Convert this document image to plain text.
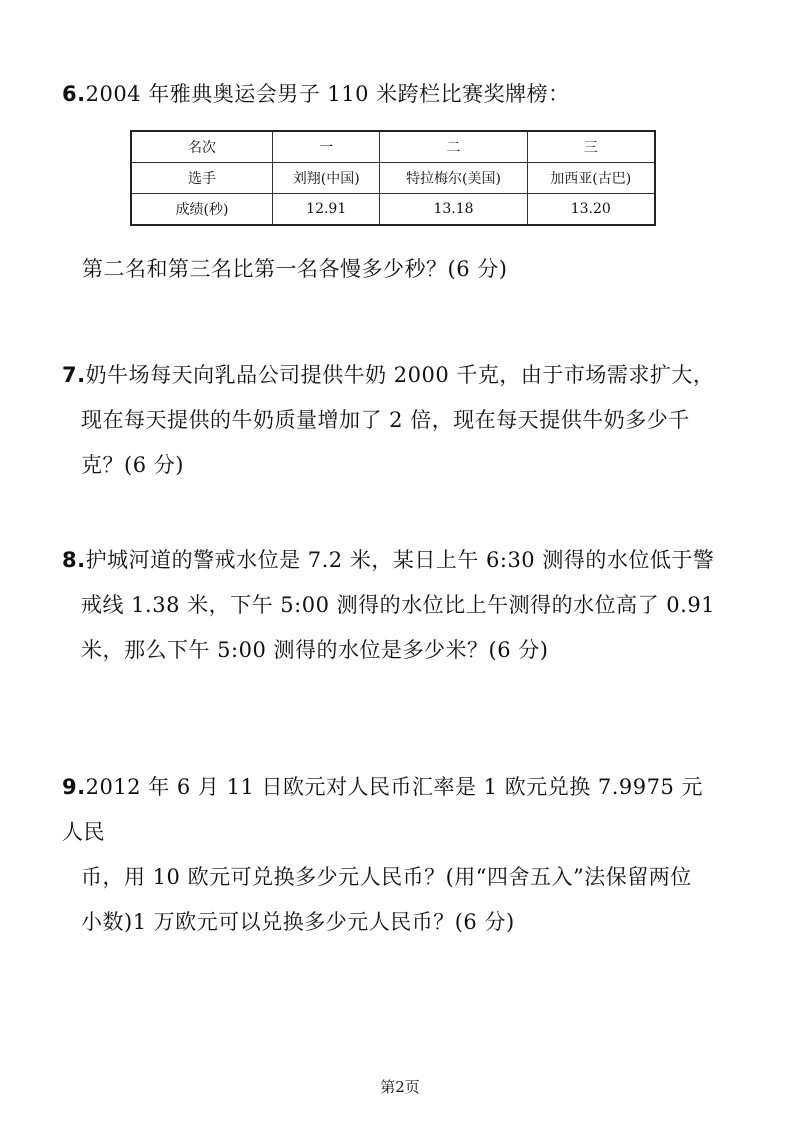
6.2004 年雅典奥运会男子 110 米跨栏比赛奖牌榜：
名次	一	二	三
选手	刘翔(中国)	特拉梅尔(美国)	加西亚(古巴)
成绩(秒)	12.91	13.18	13.20
第二名和第三名比第一名各慢多少秒？(6 分)
7.奶牛场每天向乳品公司提供牛奶 2000 千克，由于市场需求扩大，
现在每天提供的牛奶质量增加了 2 倍，现在每天提供牛奶多少千
克？(6 分)
8.护城河道的警戒水位是 7.2 米，某日上午 6:30 测得的水位低于警
戒线 1.38 米，下午 5:00 测得的水位比上午测得的水位高了 0.91
米，那么下午 5:00 测得的水位是多少米？(6 分)
9.2012 年 6 月 11 日欧元对人民币汇率是 1 欧元兑换 7.9975 元人民
币，用 10 欧元可兑换多少元人民币？(用“四舍五入”法保留两位
小数)1 万欧元可以兑换多少元人民币？(6 分)
第2页
